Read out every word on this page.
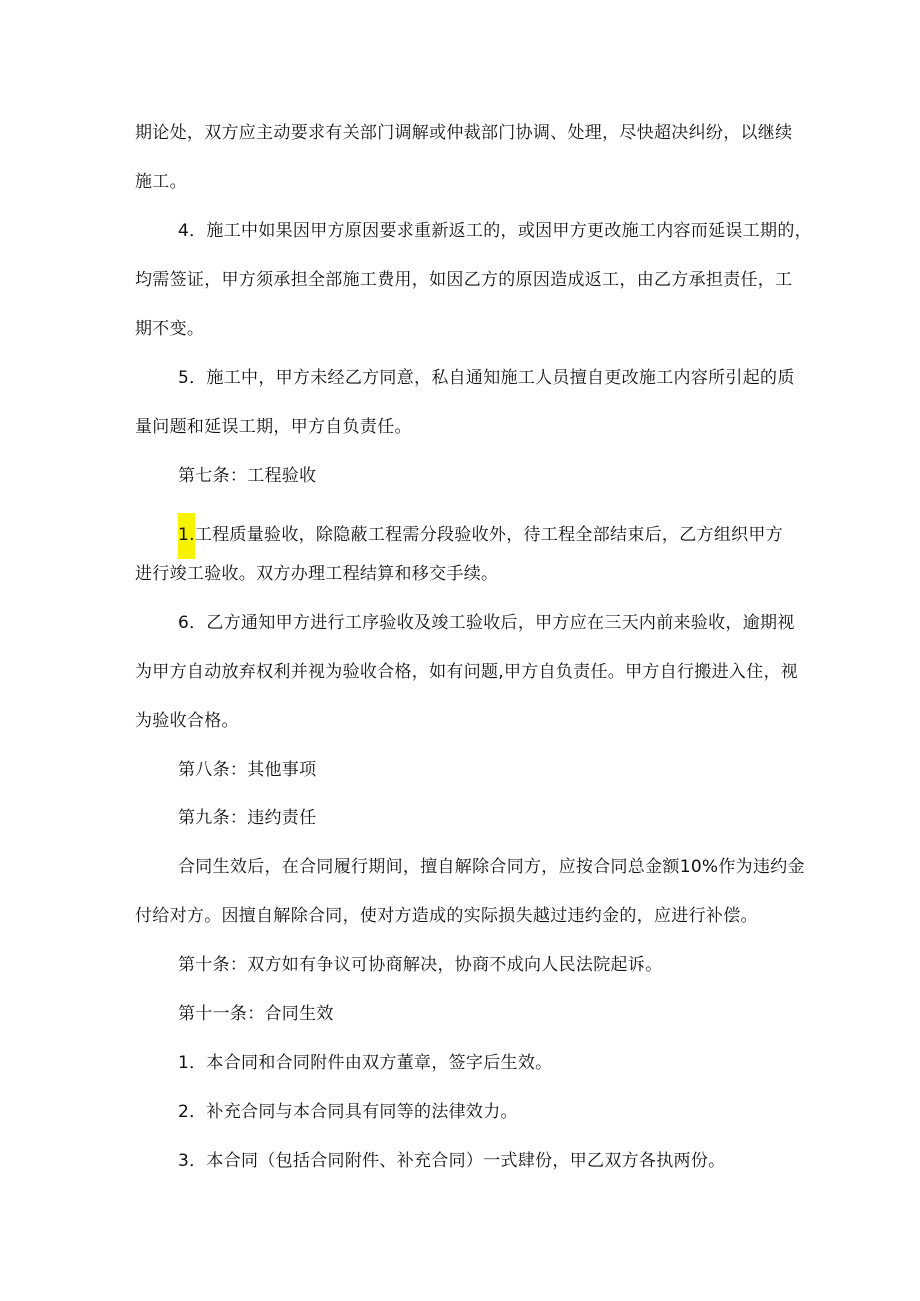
期论处，双方应主动要求有关部门调解或仲裁部门协调、处理，尽快超决纠纷，以继续
施工。
4．施工中如果因甲方原因要求重新返工的，或因甲方更改施工内容而延误工期的，
均需签证，甲方须承担全部施工费用，如因乙方的原因造成返工，由乙方承担责任，工
期不变。
5．施工中，甲方未经乙方同意，私自通知施工人员擅自更改施工内容所引起的质
量问题和延误工期，甲方自负责任。
第七条：工程验收
1.工程质量验收，除隐蔽工程需分段验收外，待工程全部结束后，乙方组织甲方
进行竣工验收。双方办理工程结算和移交手续。
6．乙方通知甲方进行工序验收及竣工验收后，甲方应在三天内前来验收，逾期视
为甲方自动放弃权利并视为验收合格，如有问题,甲方自负责任。甲方自行搬进入住，视
为验收合格。
第八条：其他事项
第九条：违约责任
合同生效后，在合同履行期间，擅自解除合同方，应按合同总金额10%作为违约金
付给对方。因擅自解除合同，使对方造成的实际损失越过违约金的，应进行补偿。
第十条：双方如有争议可协商解决，协商不成向人民法院起诉。
第十一条：合同生效
1．本合同和合同附件由双方董章，签字后生效。
2．补充合同与本合同具有同等的法律效力。
3．本合同（包括合同附件、补充合同）一式肆份，甲乙双方各执两份。
